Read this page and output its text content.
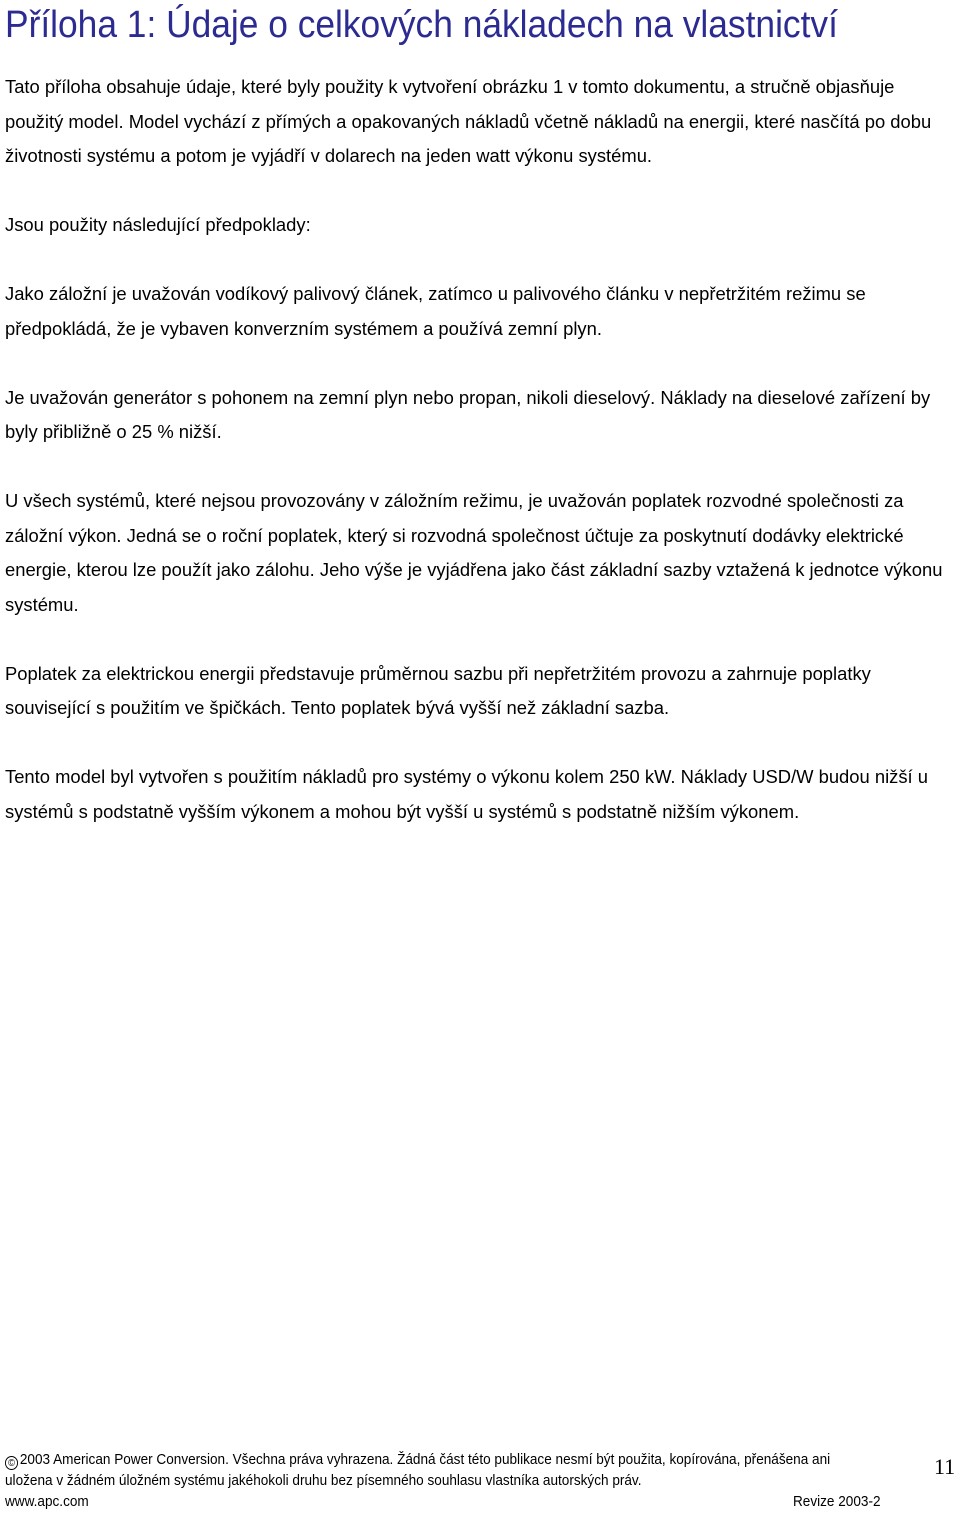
Příloha 1: Údaje o celkových nákladech na vlastnictví

Tato příloha obsahuje údaje, které byly použity k vytvoření obrázku 1 v tomto dokumentu, a stručně objasňuje použitý model. Model vychází z přímých a opakovaných nákladů včetně nákladů na energii, které nasčítá po dobu životnosti systému a potom je vyjádří v dolarech na jeden watt výkonu systému.

Jsou použity následující předpoklady:

Jako záložní je uvažován vodíkový palivový článek, zatímco u palivového článku v nepřetržitém režimu se předpokládá, že je vybaven konverzním systémem a používá zemní plyn.

Je uvažován generátor s pohonem na zemní plyn nebo propan, nikoli dieselový. Náklady na dieselové zařízení by byly přibližně o 25 % nižší.

U všech systémů, které nejsou provozovány v záložním režimu, je uvažován poplatek rozvodné společnosti za záložní výkon. Jedná se o roční poplatek, který si rozvodná společnost účtuje za poskytnutí dodávky elektrické energie, kterou lze použít jako zálohu. Jeho výše je vyjádřena jako část základní sazby vztažená k jednotce výkonu systému.

Poplatek za elektrickou energii představuje průměrnou sazbu při nepřetržitém provozu a zahrnuje poplatky související s použitím ve špičkách. Tento poplatek bývá vyšší než základní sazba.

Tento model byl vytvořen s použitím nákladů pro systémy o výkonu kolem 250 kW. Náklady USD/W budou nižší u systémů s podstatně vyšším výkonem a mohou být vyšší u systémů s podstatně nižším výkonem.

© 2003 American Power Conversion. Všechna práva vyhrazena. Žádná část této publikace nesmí být použita, kopírována, přenášena ani uložena v žádném úložném systému jakéhokoli druhu bez písemného souhlasu vlastníka autorských práv.
www.apc.com	Revize 2003-2
11
